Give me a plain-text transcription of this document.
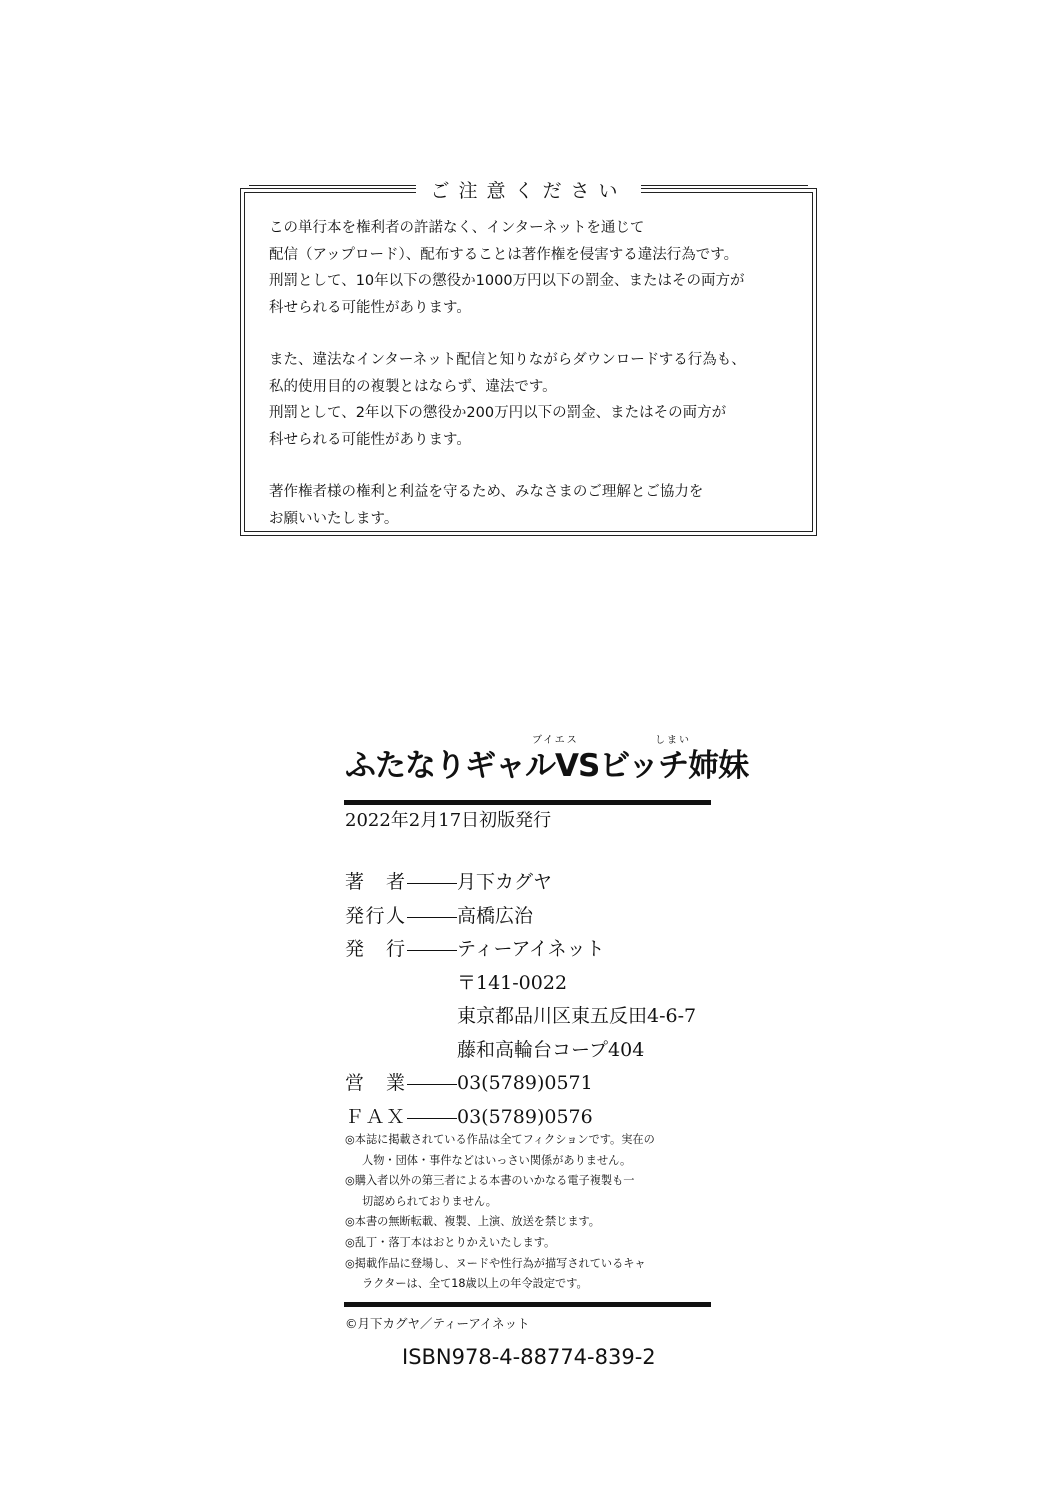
ご注意ください

この単行本を権利者の許諾なく、インターネットを通じて
配信（アップロード）、配布することは著作権を侵害する違法行為です。
刑罰として、10年以下の懲役か1000万円以下の罰金、またはその両方が
科せられる可能性があります。

また、違法なインターネット配信と知りながらダウンロードする行為も、
私的使用目的の複製とはならず、違法です。
刑罰として、2年以下の懲役か200万円以下の罰金、またはその両方が
科せられる可能性があります。

著作権者様の権利と利益を守るため、みなさまのご理解とご協力を
お願いいたします。

ブイエス	しまい
ふたなりギャルVSビッチ姉妹
2022年2月17日初版発行
著　者	月下カグヤ
発行人	高橋広治
発　行	ティーアイネット
〒141-0022
東京都品川区東五反田4-6-7
藤和高輪台コープ404
営　業	03(5789)0571
ＦＡＸ	03(5789)0576
◎本誌に掲載されている作品は全てフィクションです。実在の
人物・団体・事件などはいっさい関係がありません。
◎購入者以外の第三者による本書のいかなる電子複製も一
切認められておりません。
◎本書の無断転載、複製、上演、放送を禁じます。
◎乱丁・落丁本はおとりかえいたします。
◎掲載作品に登場し、ヌードや性行為が描写されているキャ
ラクターは、全て18歳以上の年令設定です。
©月下カグヤ／ティーアイネット
ISBN978-4-88774-839-2
